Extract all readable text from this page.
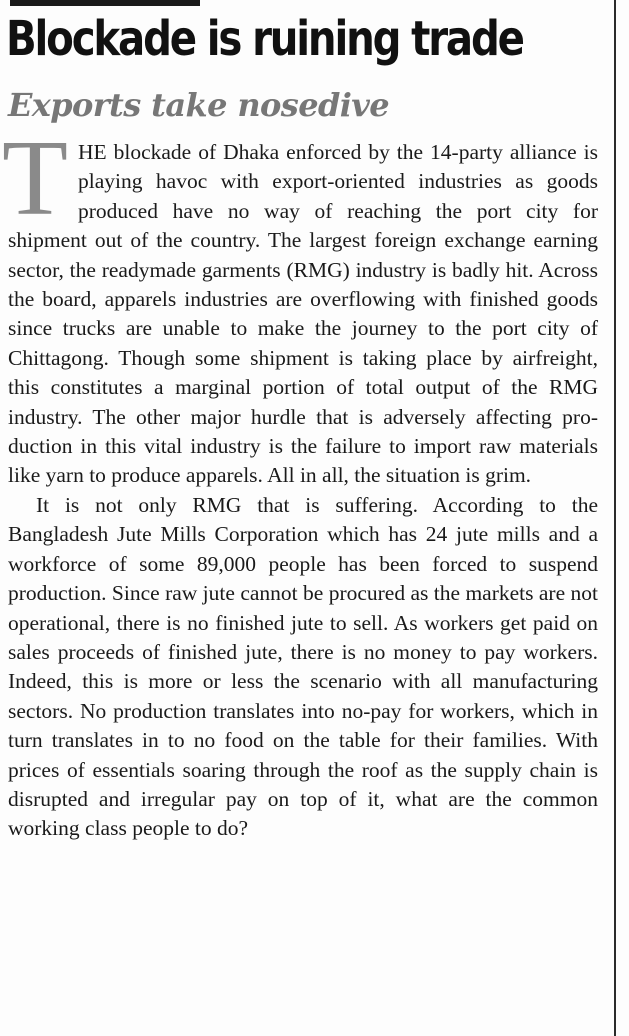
Blockade is ruining trade
Exports take nosedive

THE blockade of Dhaka enforced by the 14-party alliance is playing havoc with export-oriented industries as goods produced have no way of reaching the port city for shipment out of the country. The largest foreign exchange earning sector, the readymade garments (RMG) industry is badly hit. Across the board, apparels industries are overflowing with finished goods since trucks are unable to make the journey to the port city of Chittagong. Though some shipment is taking place by airfreight, this constitutes a marginal portion of total output of the RMG industry. The other major hurdle that is adversely affecting production in this vital industry is the failure to import raw materials like yarn to produce apparels. All in all, the situation is grim.

It is not only RMG that is suffering. According to the Bangladesh Jute Mills Corporation which has 24 jute mills and a workforce of some 89,000 people has been forced to suspend production. Since raw jute cannot be procured as the markets are not operational, there is no finished jute to sell. As workers get paid on sales proceeds of finished jute, there is no money to pay workers. Indeed, this is more or less the scenario with all manufacturing sectors. No production translates into no-pay for workers, which in turn translates in to no food on the table for their families. With prices of essentials soaring through the roof as the supply chain is disrupted and irregular pay on top of it, what are the common working class people to do?
